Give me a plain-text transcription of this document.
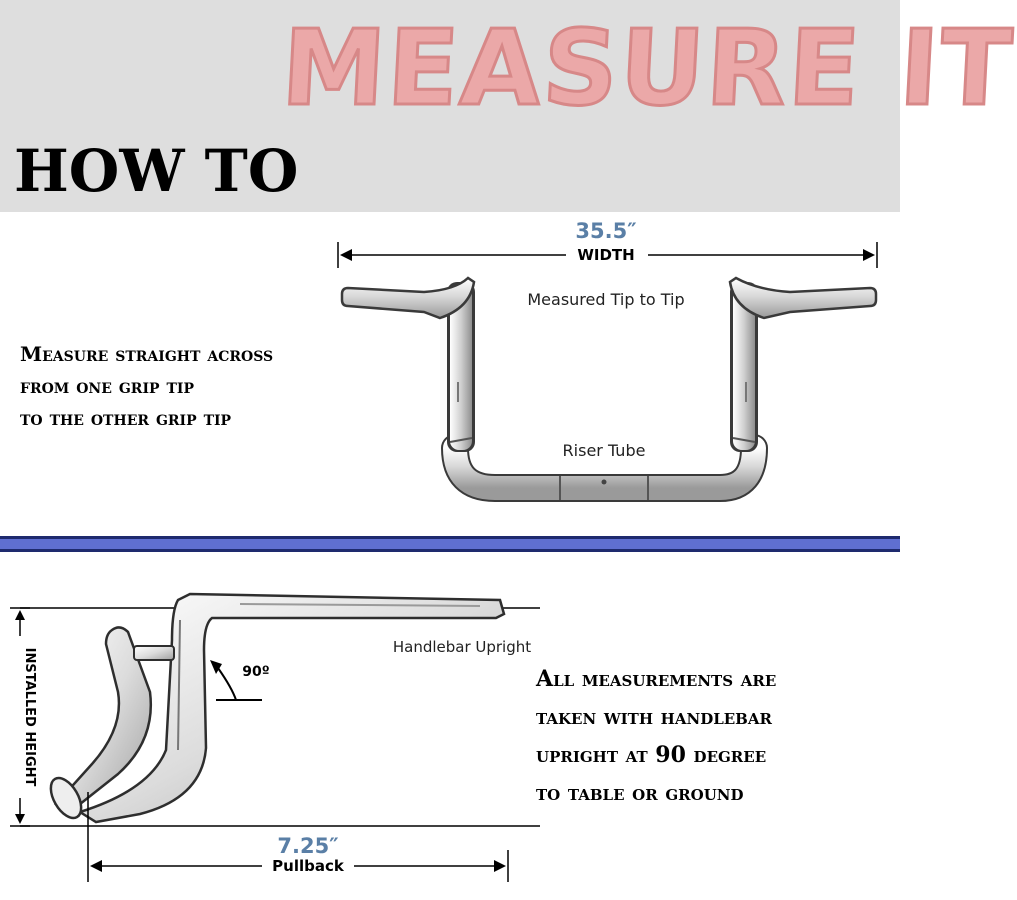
MEASURE IT
HOW TO
35.5″
WIDTH
Measured Tip to Tip
Riser Tube
Measure straight across
from one grip tip
to the other grip tip
INSTALLED HEIGHT	90º
Handlebar Upright
7.25″
Pullback
All measurements are
taken with handlebar
upright at 90 degree
to table or ground
